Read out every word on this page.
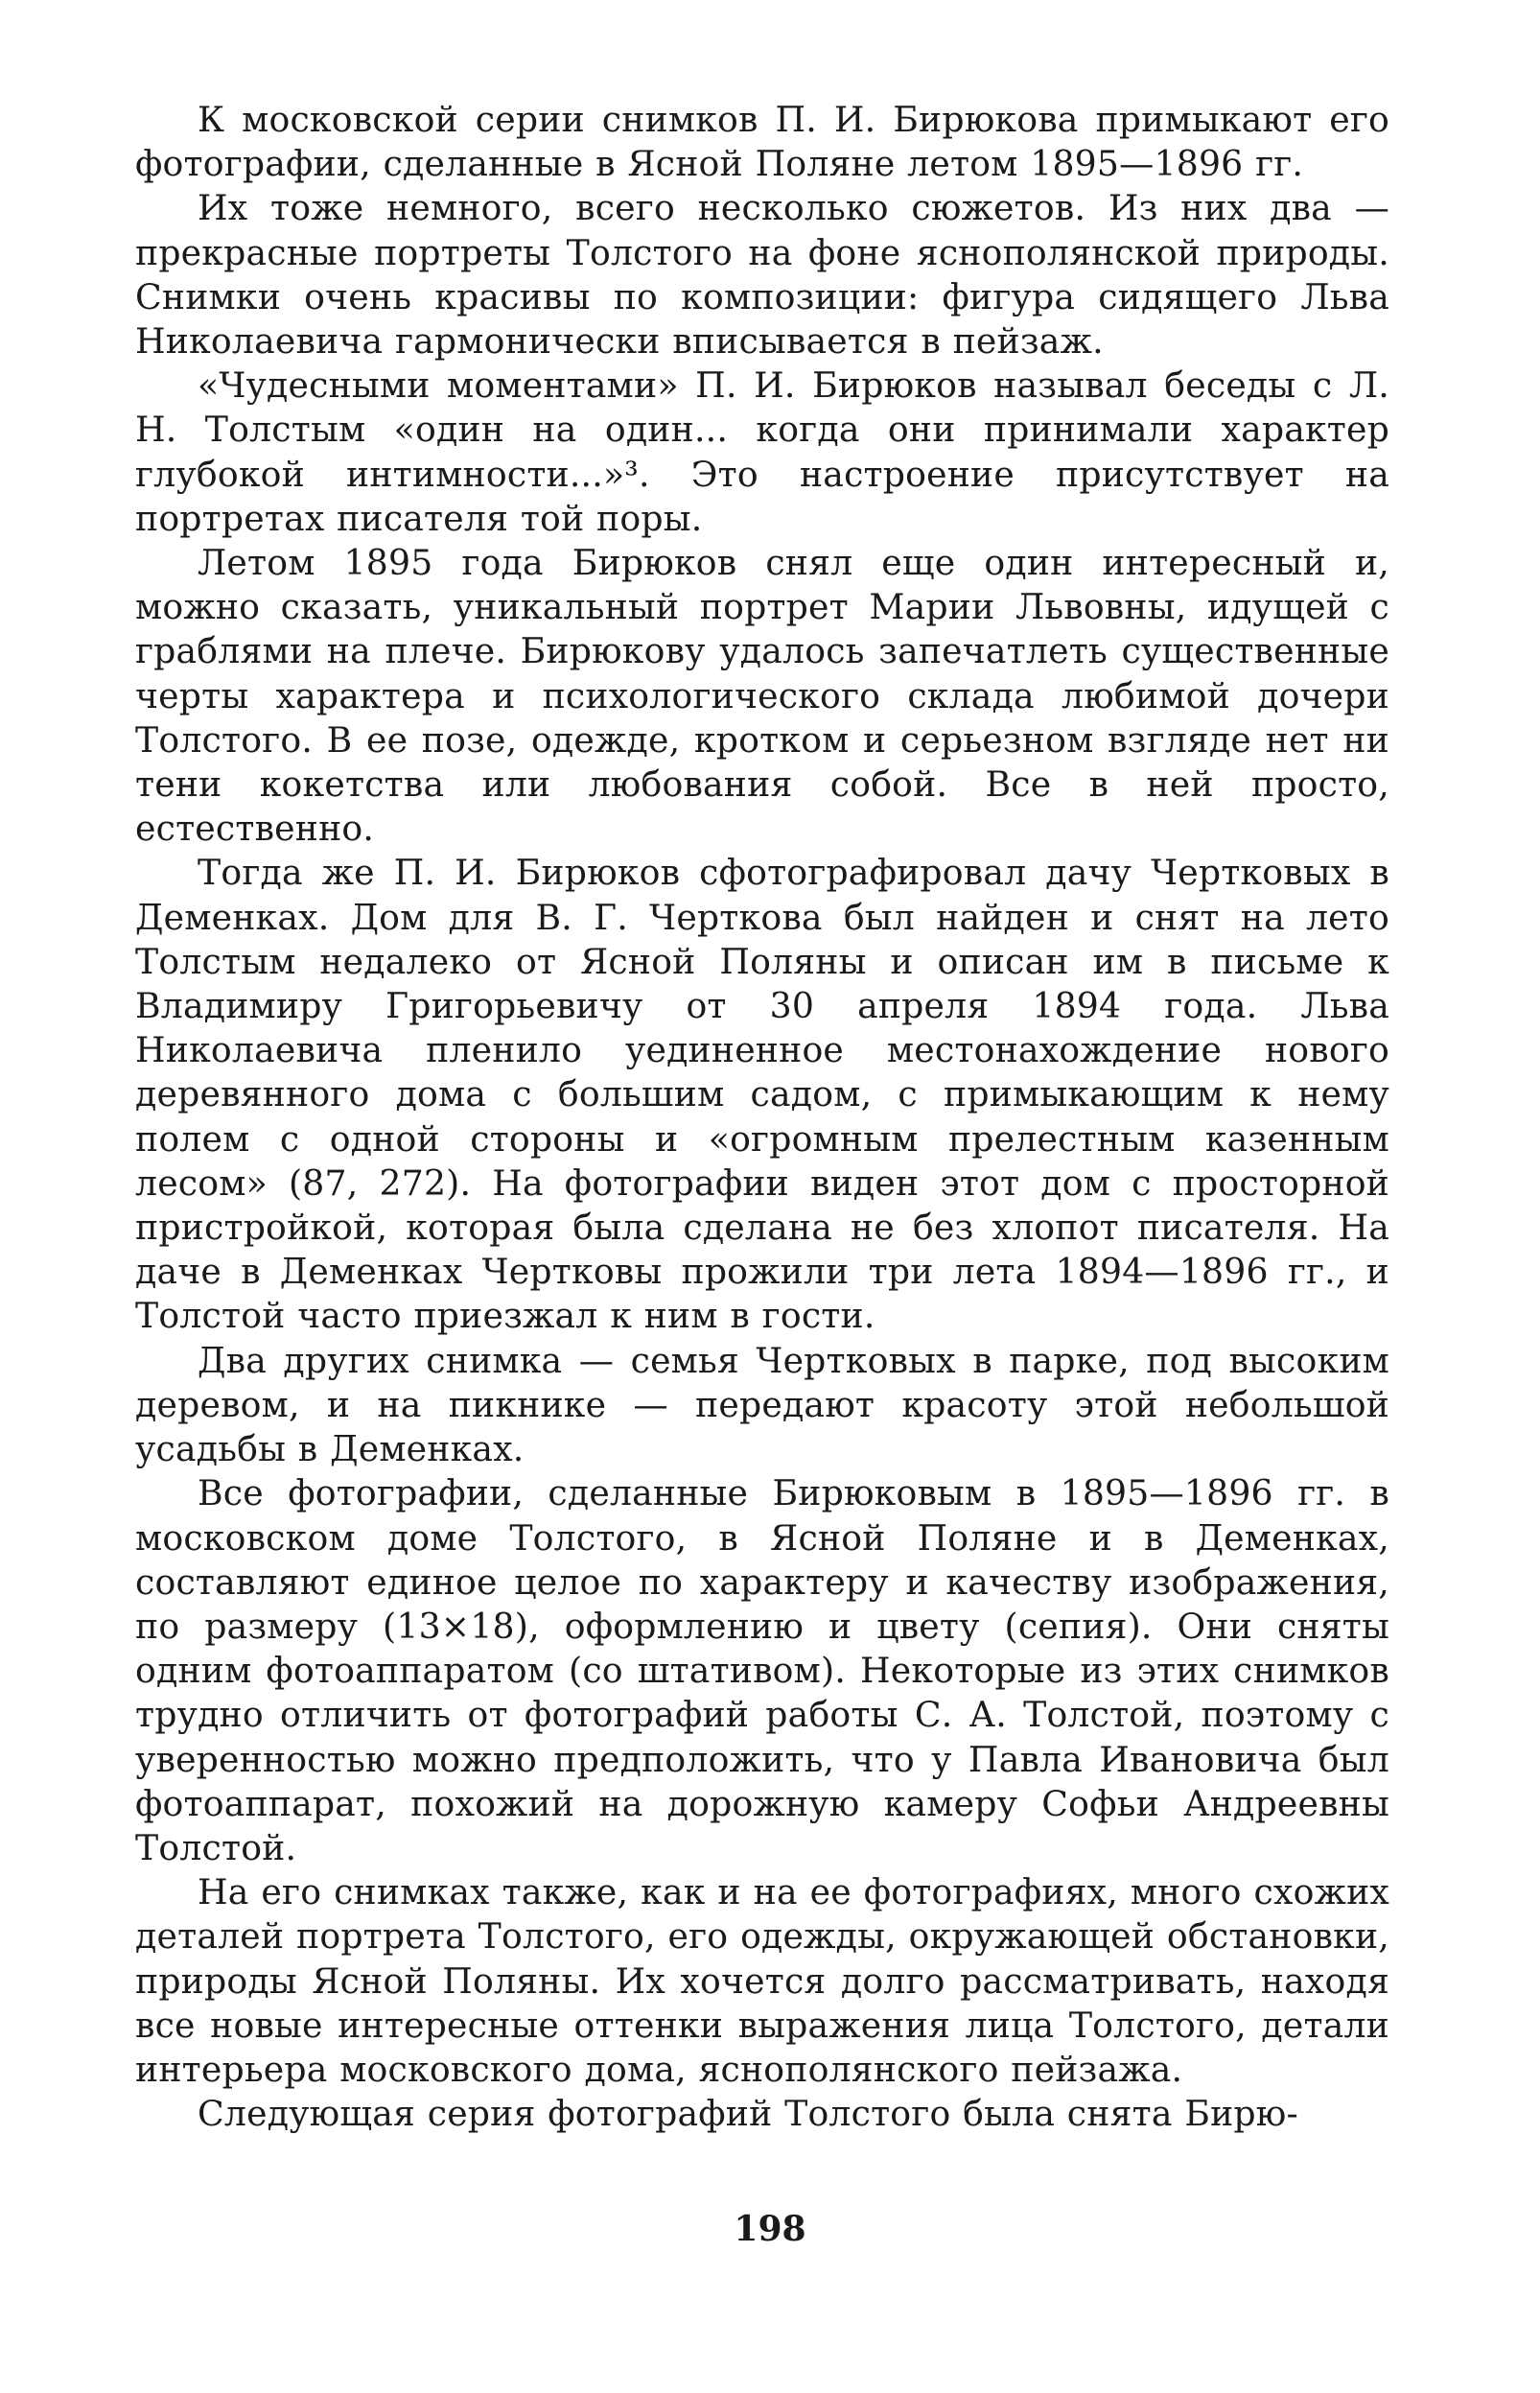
К московской серии снимков П. И. Бирюкова примыкают его фотографии, сделанные в Ясной Поляне летом 1895—1896 гг.

Их тоже немного, всего несколько сюжетов. Из них два — прекрасные портреты Толстого на фоне яснополянской природы. Снимки очень красивы по композиции: фигура сидящего Льва Николаевича гармонически вписывается в пейзаж.

«Чудесными моментами» П. И. Бирюков называл беседы с Л. Н. Толстым «один на один... когда они принимали характер глубокой интимности...»³. Это настроение присутствует на портретах писателя той поры.

Летом 1895 года Бирюков снял еще один интересный и, можно сказать, уникальный портрет Марии Львовны, идущей с граблями на плече. Бирюкову удалось запечатлеть существенные черты характера и психологического склада любимой дочери Толстого. В ее позе, одежде, кротком и серьезном взгляде нет ни тени кокетства или любования собой. Все в ней просто, естественно.

Тогда же П. И. Бирюков сфотографировал дачу Чертковых в Деменках. Дом для В. Г. Черткова был найден и снят на лето Толстым недалеко от Ясной Поляны и описан им в письме к Владимиру Григорьевичу от 30 апреля 1894 года. Льва Николаевича пленило уединенное местонахождение нового деревянного дома с большим садом, с примыкающим к нему полем с одной стороны и «огромным прелестным казенным лесом» (87, 272). На фотографии виден этот дом с просторной пристройкой, которая была сделана не без хлопот писателя. На даче в Деменках Чертковы прожили три лета 1894—1896 гг., и Толстой часто приезжал к ним в гости.

Два других снимка — семья Чертковых в парке, под высоким деревом, и на пикнике — передают красоту этой небольшой усадьбы в Деменках.

Все фотографии, сделанные Бирюковым в 1895—1896 гг. в московском доме Толстого, в Ясной Поляне и в Деменках, составляют единое целое по характеру и качеству изображения, по размеру (13×18), оформлению и цвету (сепия). Они сняты одним фотоаппаратом (со штативом). Некоторые из этих снимков трудно отличить от фотографий работы С. А. Толстой, поэтому с уверенностью можно предположить, что у Павла Ивановича был фотоаппарат, похожий на дорожную камеру Софьи Андреевны Толстой.

На его снимках также, как и на ее фотографиях, много схожих деталей портрета Толстого, его одежды, окружающей обстановки, природы Ясной Поляны. Их хочется долго рассматривать, находя все новые интересные оттенки выражения лица Толстого, детали интерьера московского дома, яснополянского пейзажа.

Следующая серия фотографий Толстого была снята Бирю-

198
